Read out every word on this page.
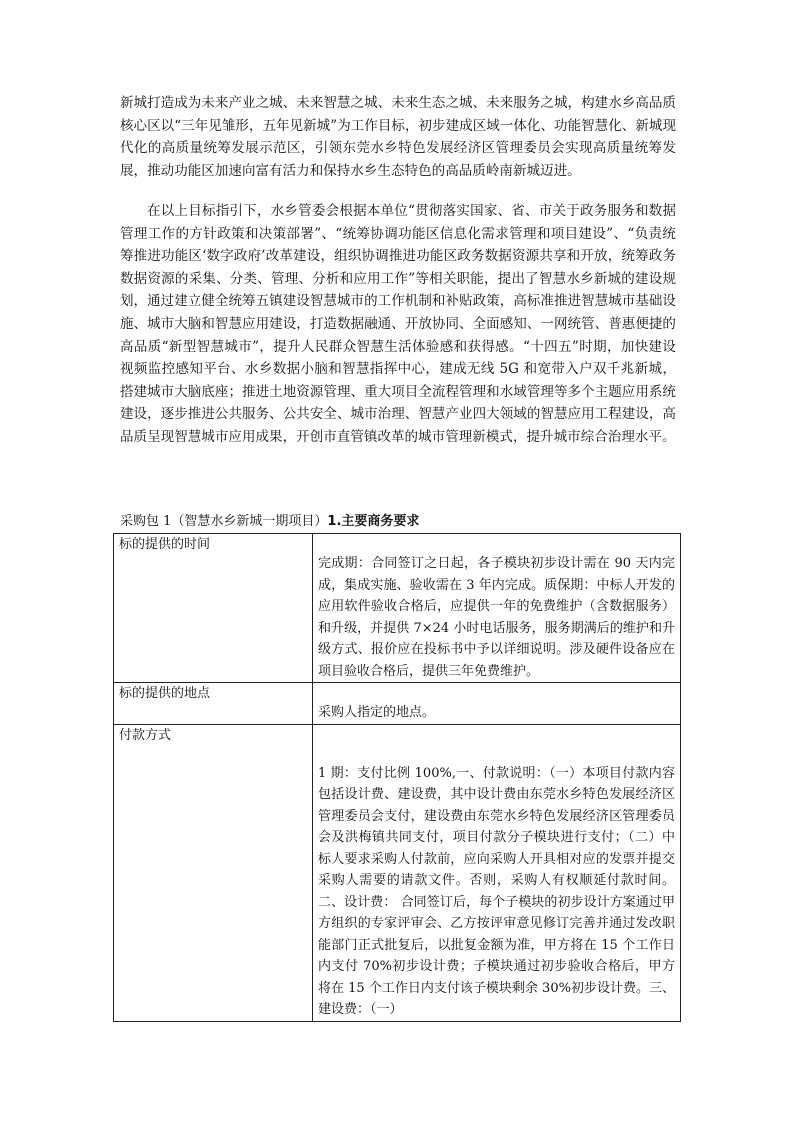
新城打造成为未来产业之城、未来智慧之城、未来生态之城、未来服务之城，构建水乡高品质核心区以“三年见雏形，五年见新城”为工作目标，初步建成区域一体化、功能智慧化、新城现代化的高质量统筹发展示范区，引领东莞水乡特色发展经济区管理委员会实现高质量统筹发展，推动功能区加速向富有活力和保持水乡生态特色的高品质岭南新城迈进。

在以上目标指引下，水乡管委会根据本单位“贯彻落实国家、省、市关于政务服务和数据管理工作的方针政策和决策部署”、“统筹协调功能区信息化需求管理和项目建设”、“负责统筹推进功能区‘数字政府’改革建设，组织协调推进功能区政务数据资源共享和开放，统筹政务数据资源的采集、分类、管理、分析和应用工作”等相关职能，提出了智慧水乡新城的建设规划，通过建立健全统筹五镇建设智慧城市的工作机制和补贴政策，高标准推进智慧城市基础设施、城市大脑和智慧应用建设，打造数据融通、开放协同、全面感知、一网统管、普惠便捷的高品质“新型智慧城市”，提升人民群众智慧生活体验感和获得感。“十四五”时期，加快建设视频监控感知平台、水乡数据小脑和智慧指挥中心，建成无线 5G 和宽带入户双千兆新城，搭建城市大脑底座；推进土地资源管理、重大项目全流程管理和水域管理等多个主题应用系统建设，逐步推进公共服务、公共安全、城市治理、智慧产业四大领域的智慧应用工程建设，高品质呈现智慧城市应用成果，开创市直管镇改革的城市管理新模式，提升城市综合治理水平。

采购包 1（智慧水乡新城一期项目）1.主要商务要求
标的提供的时间	完成期：合同签订之日起，各子模块初步设计需在 90 天内完成，集成实施、验收需在 3 年内完成。质保期：中标人开发的应用软件验收合格后，应提供一年的免费维护（含数据服务）和升级，并提供 7×24 小时电话服务，服务期满后的维护和升级方式、报价应在投标书中予以详细说明。涉及硬件设备应在项目验收合格后，提供三年免费维护。

标的提供的地点	采购人指定的地点。

付款方式	1 期：支付比例 100%,一、付款说明：（一）本项目付款内容包括设计费、建设费，其中设计费由东莞水乡特色发展经济区管理委员会支付，建设费由东莞水乡特色发展经济区管理委员会及洪梅镇共同支付，项目付款分子模块进行支付；（二）中标人要求采购人付款前，应向采购人开具相对应的发票并提交采购人需要的请款文件。否则，采购人有权顺延付款时间。 二、设计费： 合同签订后，每个子模块的初步设计方案通过甲方组织的专家评审会、乙方按评审意见修订完善并通过发改职能部门正式批复后，以批复金额为准，甲方将在 15 个工作日内支付 70%初步设计费；子模块通过初步验收合格后，甲方将在 15 个工作日内支付该子模块剩余 30%初步设计费。三、建设费：（一）
